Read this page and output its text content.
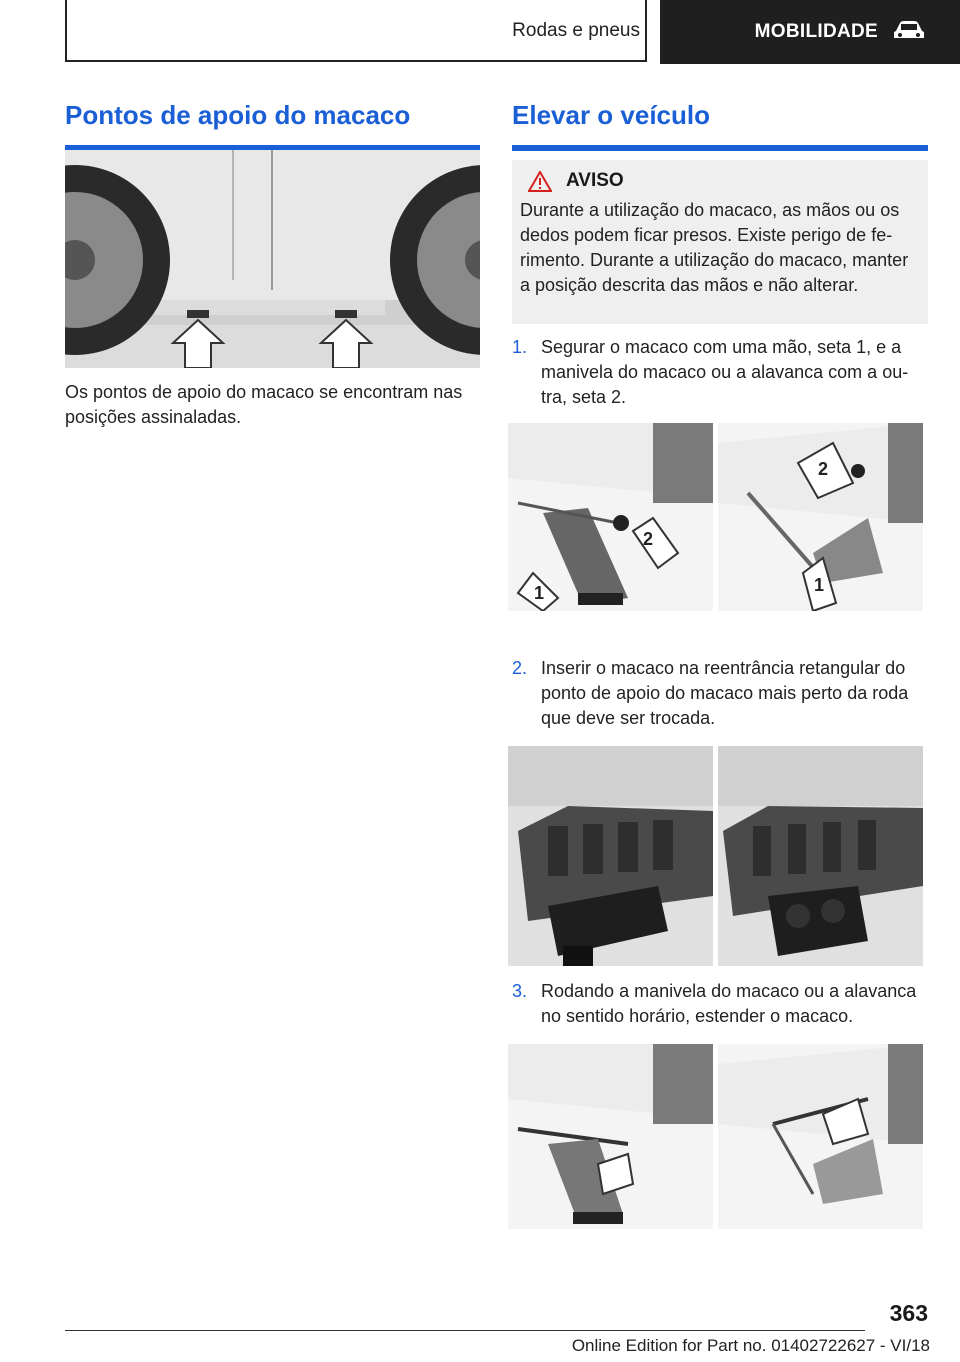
Rodas e pneus	MOBILIDADE
Pontos de apoio do macaco
Os pontos de apoio do macaco se encontram nas posições assinaladas.
Elevar o veículo
AVISO
Durante a utilização do macaco, as mãos ou os dedos podem ficar presos. Existe perigo de ferimento. Durante a utilização do macaco, manter a posição descrita das mãos e não alterar.
1. Segurar o macaco com uma mão, seta 1, e a manivela do macaco ou a alavanca com a outra, seta 2.
2
1
2
1
2. Inserir o macaco na reentrância retangular do ponto de apoio do macaco mais perto da roda que deve ser trocada.
3. Rodando a manivela do macaco ou a alavanca no sentido horário, estender o macaco.
363
Online Edition for Part no. 01402722627 - VI/18
